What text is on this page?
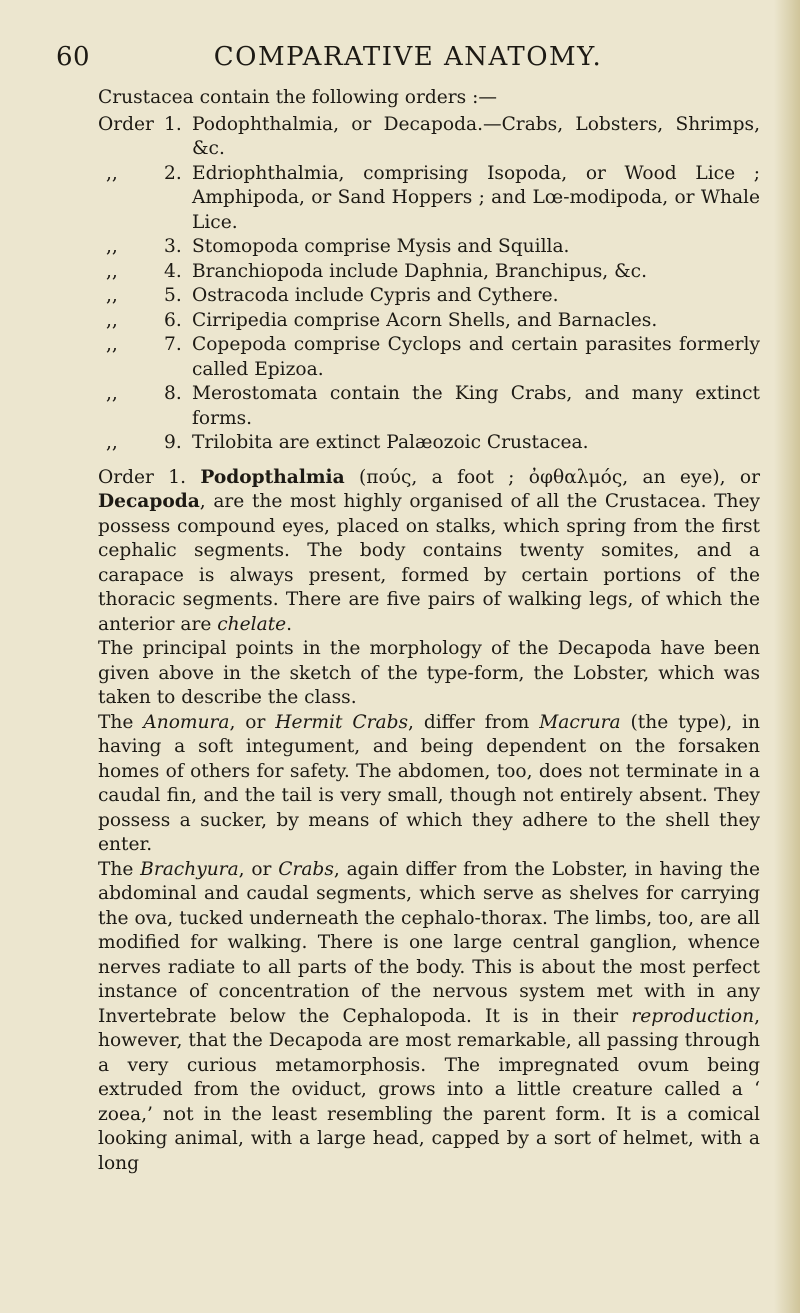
60	COMPARATIVE ANATOMY.

Crustacea contain the following orders :—

Order 1. Podophthalmia, or Decapoda.—Crabs, Lobsters, Shrimps, &c.
,,	2. Edriophthalmia, comprising Isopoda, or Wood Lice ; Amphipoda, or Sand Hoppers ; and Lœ-modipoda, or Whale Lice.
,,	3. Stomopoda comprise Mysis and Squilla.
,,	4. Branchiopoda include Daphnia, Branchipus, &c.
,,	5. Ostracoda include Cypris and Cythere.
,,	6. Cirripedia comprise Acorn Shells, and Barnacles.
,,	7. Copepoda comprise Cyclops and certain parasites formerly called Epizoa.
,,	8. Merostomata contain the King Crabs, and many extinct forms.
,,	9. Trilobita are extinct Palæozoic Crustacea.

Order 1. Podopthalmia (πούς, a foot ; ὀφθαλμός, an eye), or Decapoda, are the most highly organised of all the Crustacea. They possess compound eyes, placed on stalks, which spring from the first cephalic segments. The body contains twenty somites, and a carapace is always present, formed by certain portions of the thoracic segments. There are five pairs of walking legs, of which the anterior are chelate.

The principal points in the morphology of the Decapoda have been given above in the sketch of the type-form, the Lobster, which was taken to describe the class.

The Anomura, or Hermit Crabs, differ from Macrura (the type), in having a soft integument, and being dependent on the forsaken homes of others for safety. The abdomen, too, does not terminate in a caudal fin, and the tail is very small, though not entirely absent. They possess a sucker, by means of which they adhere to the shell they enter.

The Brachyura, or Crabs, again differ from the Lobster, in having the abdominal and caudal segments, which serve as shelves for carrying the ova, tucked underneath the cephalo-thorax. The limbs, too, are all modified for walking. There is one large central ganglion, whence nerves radiate to all parts of the body. This is about the most perfect instance of concentration of the nervous system met with in any Invertebrate below the Cephalopoda. It is in their reproduction, however, that the Decapoda are most remarkable, all passing through a very curious metamorphosis. The impregnated ovum being extruded from the oviduct, grows into a little creature called a ‘ zoea,’ not in the least resembling the parent form. It is a comical looking animal, with a large head, capped by a sort of helmet, with a long
